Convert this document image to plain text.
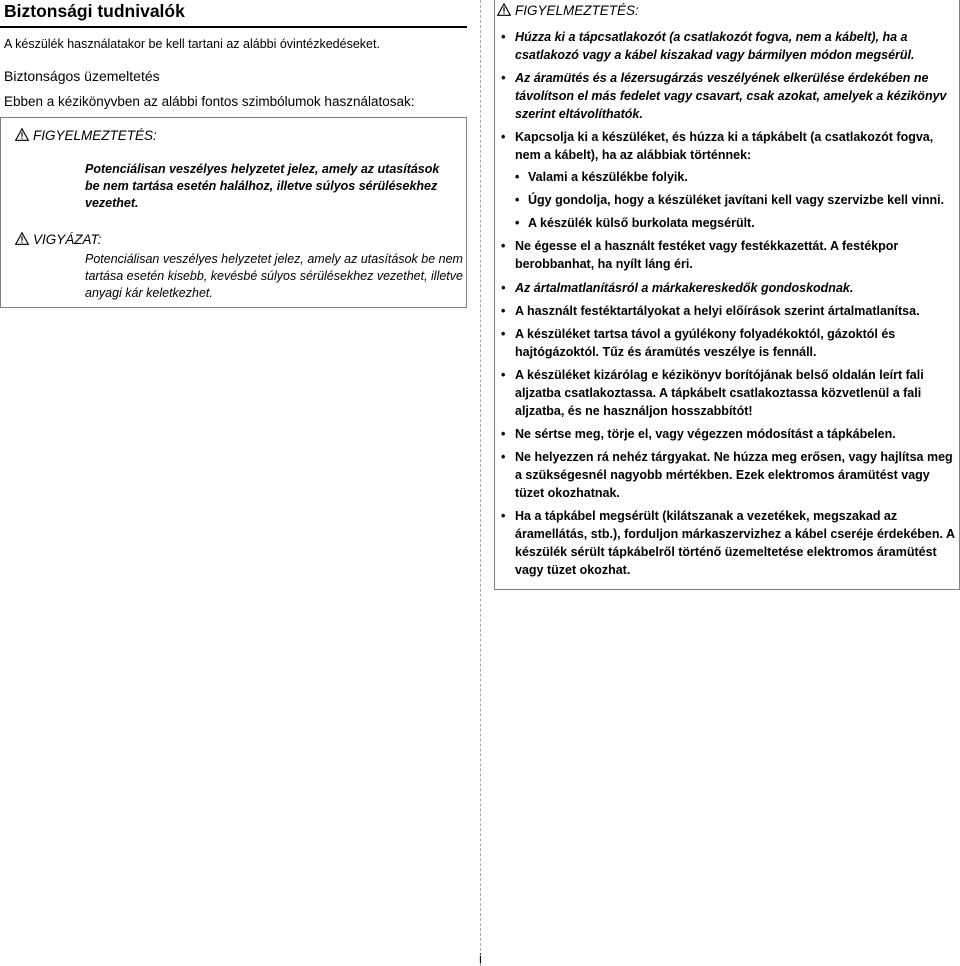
Biztonsági tudnivalók
A készülék használatakor be kell tartani az alábbi óvintézkedéseket.
Biztonságos üzemeltetés
Ebben a kézikönyvben az alábbi fontos szimbólumok használatosak:
FIGYELMEZTETÉS:
Potenciálisan veszélyes helyzetet jelez, amely az utasítások be nem tartása esetén halálhoz, illetve súlyos sérülésekhez vezethet.
VIGYÁZAT:
Potenciálisan veszélyes helyzetet jelez, amely az utasítások be nem tartása esetén kisebb, kevésbé súlyos sérülésekhez vezethet, illetve anyagi kár keletkezhet.
FIGYELMEZTETÉS:
• Húzza ki a tápcsatlakozót (a csatlakozót fogva, nem a kábelt), ha a csatlakozó vagy a kábel kiszakad vagy bármilyen módon megsérül.
• Az áramütés és a lézersugárzás veszélyének elkerülése érdekében ne távolítson el más fedelet vagy csavart, csak azokat, amelyek a kézikönyv szerint eltávolíthatók.
• Kapcsolja ki a készüléket, és húzza ki a tápkábelt (a csatlakozót fogva, nem a kábelt), ha az alábbiak történnek:
• Valami a készülékbe folyik.
• Úgy gondolja, hogy a készüléket javítani kell vagy szervizbe kell vinni.
• A készülék külső burkolata megsérült.
• Ne égesse el a használt festéket vagy festékkazettát. A festékpor berobbanhat, ha nyílt láng éri.
• Az ártalmatlanításról a márkakereskedők gondoskodnak.
• A használt festéktartályokat a helyi előírások szerint ártalmatlanítsa.
• A készüléket tartsa távol a gyúlékony folyadékoktól, gázoktól és hajtógázoktól. Tűz és áramütés veszélye is fennáll.
• A készüléket kizárólag e kézikönyv borítójának belső oldalán leírt fali aljzatba csatlakoztassa. A tápkábelt csatlakoztassa közvetlenül a fali aljzatba, és ne használjon hosszabbítót!
• Ne sértse meg, törje el, vagy végezzen módosítást a tápkábelen.
• Ne helyezzen rá nehéz tárgyakat. Ne húzza meg erősen, vagy hajlítsa meg a szükségesnél nagyobb mértékben. Ezek elektromos áramütést vagy tüzet okozhatnak.
• Ha a tápkábel megsérült (kilátszanak a vezetékek, megszakad az áramellátás, stb.), forduljon márkaszervizhez a kábel cseréje érdekében. A készülék sérült tápkábelről történő üzemeltetése elektromos áramütést vagy tüzet okozhat.
i
